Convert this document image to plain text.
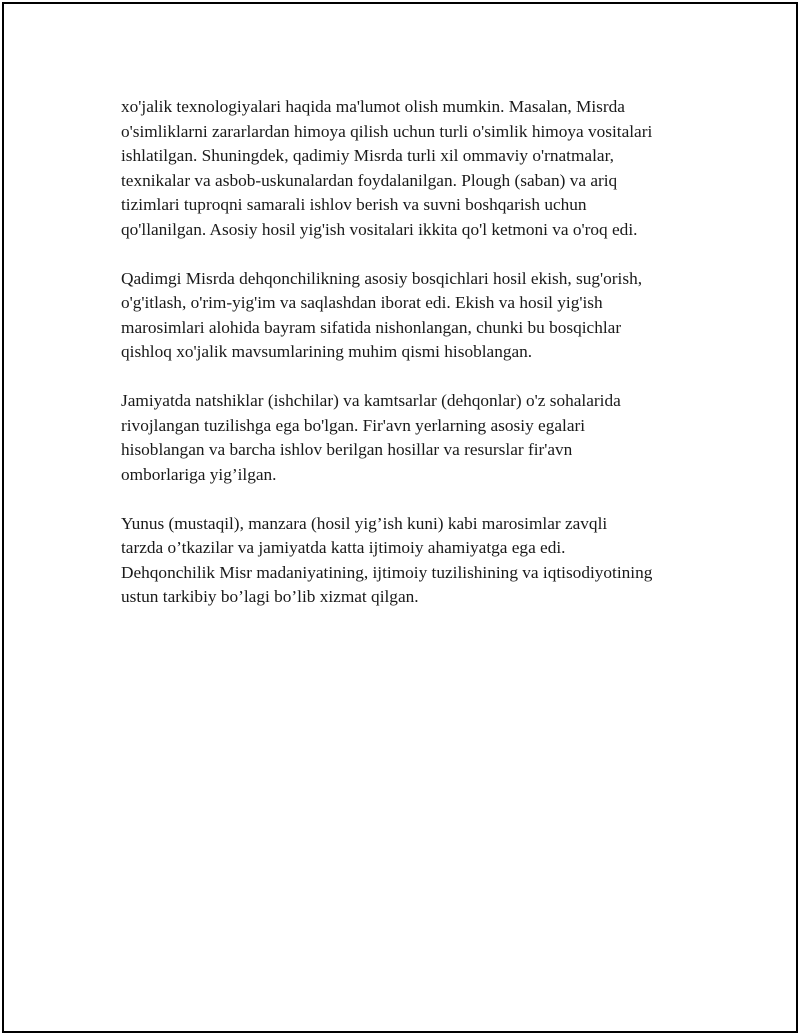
xo'jalik texnologiyalari haqida ma'lumot olish mumkin. Masalan, Misrda
o'simliklarni zararlardan himoya qilish uchun turli o'simlik himoya vositalari
ishlatilgan. Shuningdek, qadimiy Misrda turli xil ommaviy o'rnatmalar,
texnikalar va asbob-uskunalardan foydalanilgan. Plough (saban) va ariq
tizimlari tuproqni samarali ishlov berish va suvni boshqarish uchun
qo'llanilgan. Asosiy hosil yig'ish vositalari ikkita qo'l ketmoni va o'roq edi.

Qadimgi Misrda dehqonchilikning asosiy bosqichlari hosil ekish, sug'orish,
o'g'itlash, o'rim-yig'im va saqlashdan iborat edi. Ekish va hosil yig'ish
marosimlari alohida bayram sifatida nishonlangan, chunki bu bosqichlar
qishloq xo'jalik mavsumlarining muhim qismi hisoblangan.

Jamiyatda natshiklar (ishchilar) va kamtsarlar (dehqonlar) o'z sohalarida
rivojlangan tuzilishga ega bo'lgan. Fir'avn yerlarning asosiy egalari
hisoblangan va barcha ishlov berilgan hosillar va resurslar fir'avn
omborlariga yig’ilgan.

Yunus (mustaqil), manzara (hosil yig’ish kuni) kabi marosimlar zavqli
tarzda o’tkazilar va jamiyatda katta ijtimoiy ahamiyatga ega edi.
Dehqonchilik Misr madaniyatining, ijtimoiy tuzilishining va iqtisodiyotining
ustun tarkibiy bo’lagi bo’lib xizmat qilgan.
